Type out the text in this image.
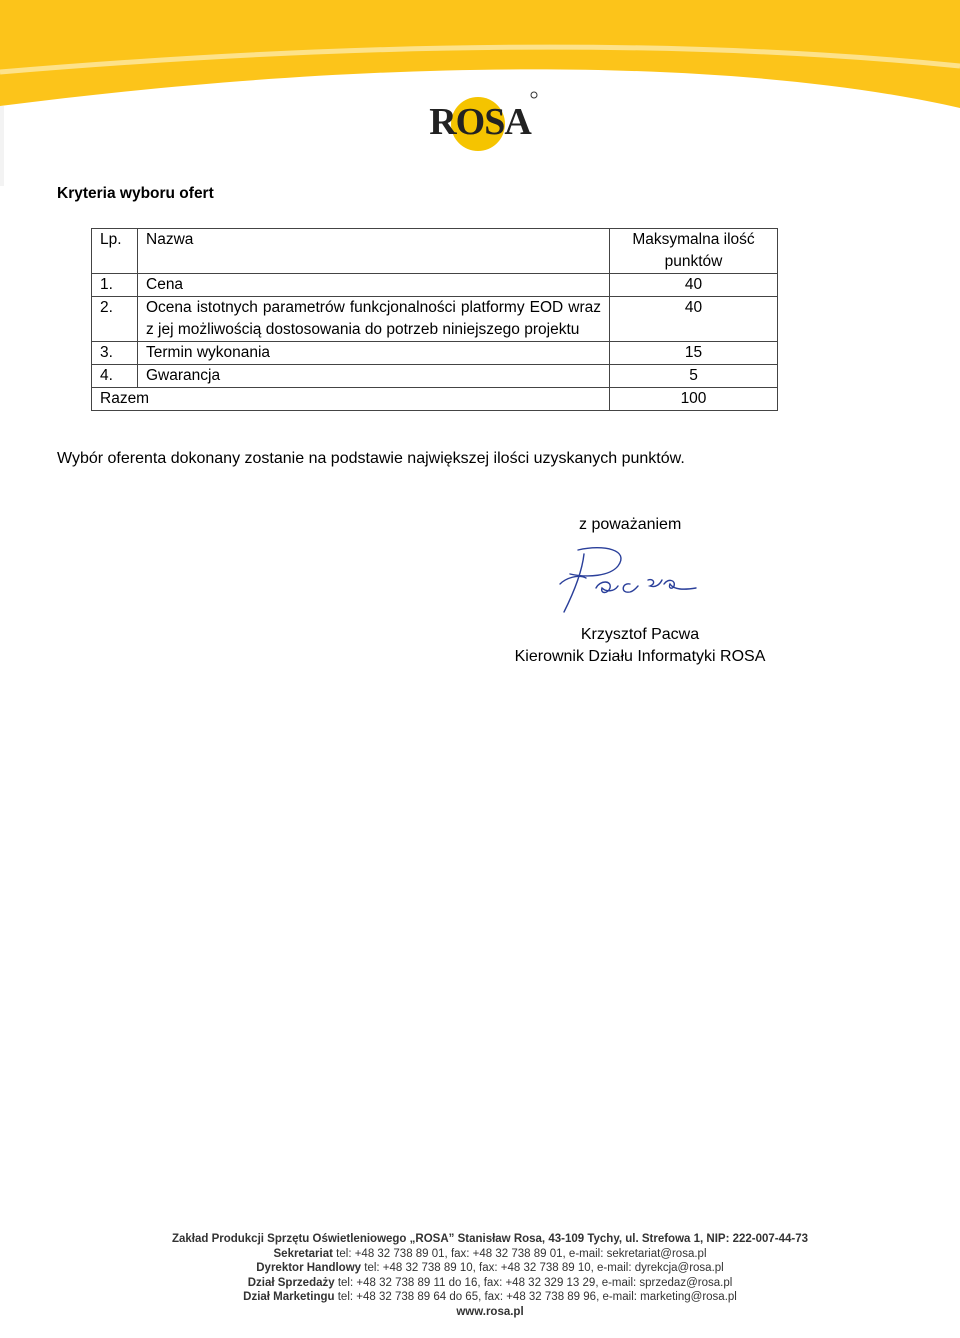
ROSA
Kryteria wyboru ofert
Lp.	Nazwa	Maksymalna ilość punktów
1.	Cena	40
2.	Ocena istotnych parametrów funkcjonalności platformy EOD wraz z jej możliwością dostosowania do potrzeb niniejszego projektu	40
3.	Termin wykonania	15
4.	Gwarancja	5
Razem		100
Wybór oferenta dokonany zostanie na podstawie największej ilości uzyskanych punktów.
z poważaniem
Krzysztof Pacwa
Kierownik Działu Informatyki ROSA
Zakład Produkcji Sprzętu Oświetleniowego „ROSA” Stanisław Rosa, 43-109 Tychy, ul. Strefowa 1, NIP: 222-007-44-73
Sekretariat tel: +48 32 738 89 01, fax: +48 32 738 89 01, e-mail: sekretariat@rosa.pl
Dyrektor Handlowy tel: +48 32 738 89 10, fax: +48 32 738 89 10, e-mail: dyrekcja@rosa.pl
Dział Sprzedaży tel: +48 32 738 89 11 do 16, fax: +48 32 329 13 29, e-mail: sprzedaz@rosa.pl
Dział Marketingu tel: +48 32 738 89 64 do 65, fax: +48 32 738 89 96, e-mail: marketing@rosa.pl
www.rosa.pl
